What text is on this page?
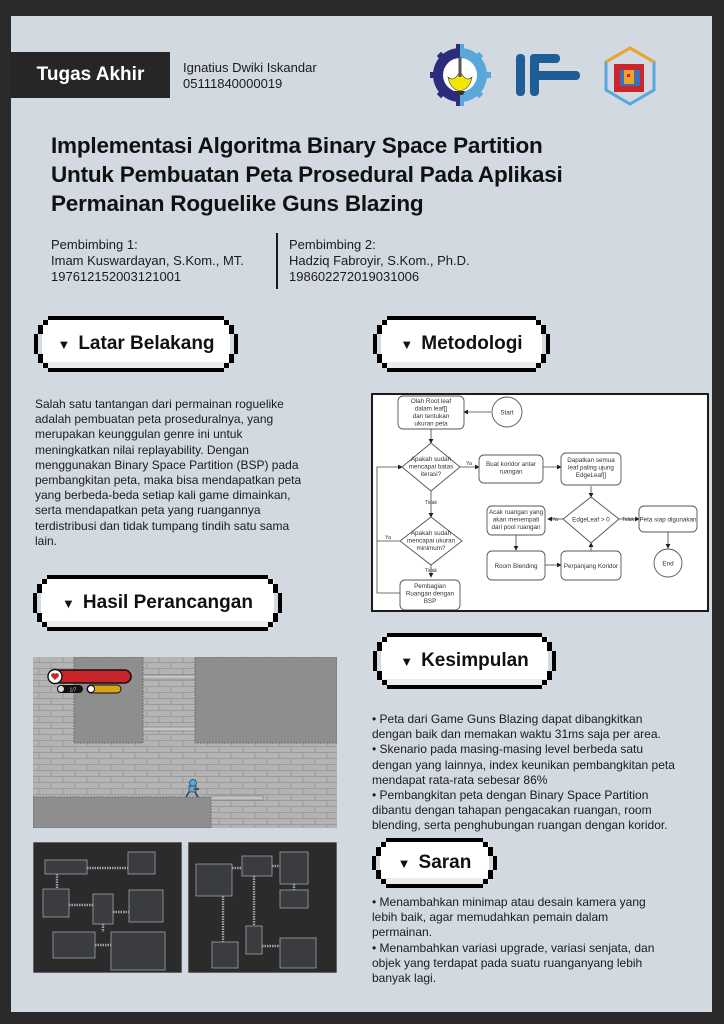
Tugas Akhir	Ignatius Dwiki Iskandar
05111840000019
Implementasi Algoritma Binary Space Partition
Untuk Pembuatan Peta Prosedural Pada Aplikasi
Permainan Roguelike Guns Blazing
Pembimbing 1:
Imam Kuswardayan, S.Kom., MT.
197612152003121001
Pembimbing 2:
Hadziq Fabroyir, S.Kom., Ph.D.
198602272019031006
▼ Latar Belakang	▼ Metodologi
▼ Hasil Perancangan
▼ Kesimpulan
▼ Saran
Salah satu tantangan dari permainan roguelike
adalah pembuatan peta proseduralnya, yang
merupakan keunggulan genre ini untuk
meningkatkan nilai replayability. Dengan
menggunakan Binary Space Partition (BSP) pada
pembangkitan peta, maka bisa mendapatkan peta
yang berbeda-beda setiap kali game dimainkan,
serta mendapatkan peta yang ruangannya
terdistribusi dan tidak tumpang tindih satu sama
lain.
Start
Olah Root leaf
dalam leaf[]
dan tentukan
ukuran peta
Apakah sudah
mencapai batas
iterasi?
Buat koridor antar
ruangan
Dapatkan semua
leaf paling ujung
EdgeLeaf[]
Apakah sudah
mencapai ukuran
minimum?
Acak ruangan yang
akan menempati
dari pool ruangan
EdgeLeaf > 0	Peta siap digunakan
Room Blending	Perpanjang Koridor
Pembagian
Ruangan dengan
BSP
End
Ya
Tidak
Tidak
Ya
Ya	Tidak
1/7
• Peta dari Game Guns Blazing dapat dibangkitkan
dengan baik dan memakan waktu 31ms saja per area.
• Skenario pada masing-masing level berbeda satu
dengan yang lainnya, index keunikan pembangkitan peta
mendapat rata-rata sebesar 86%
• Pembangkitan peta dengan Binary Space Partition
dibantu dengan tahapan pengacakan ruangan, room
blending, serta penghubungan ruangan dengan koridor.
• Menambahkan minimap atau desain kamera yang
lebih baik, agar memudahkan pemain dalam
permainan.
• Menambahkan variasi upgrade, variasi senjata, dan
objek yang terdapat pada suatu ruanganyang lebih
banyak lagi.
